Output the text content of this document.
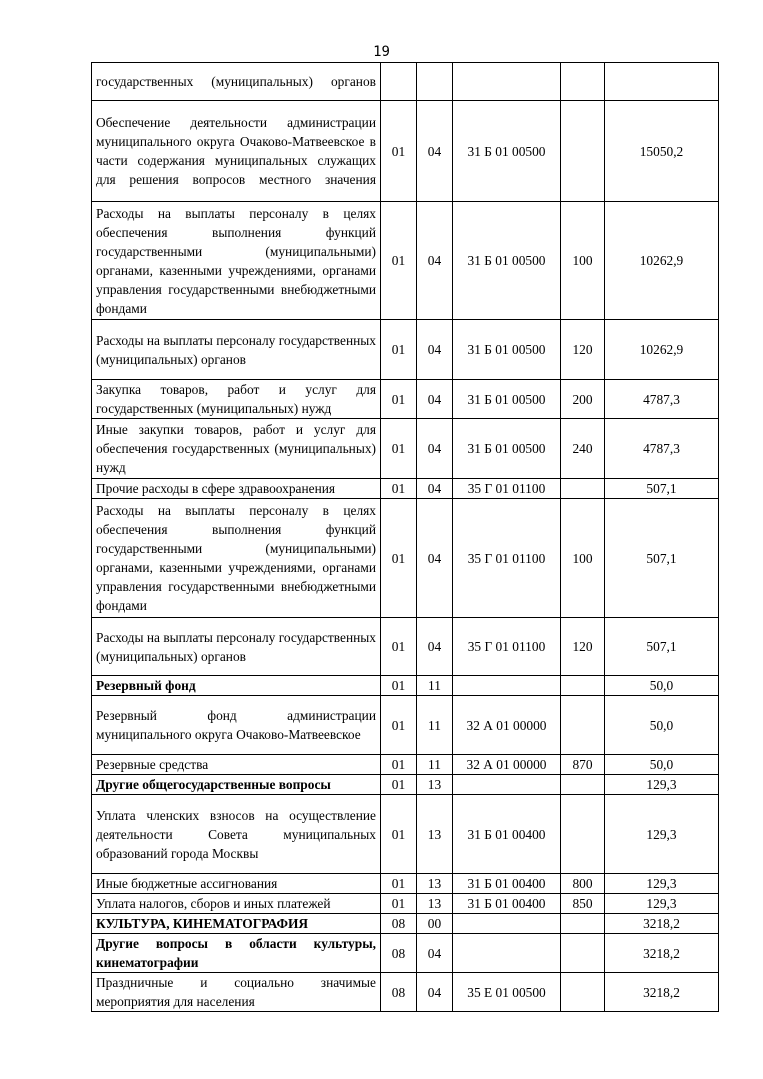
19
государственных (муниципальных) органов					
Обеспечение деятельности администрации муниципального округа Очаково-Матвеевское в части содержания муниципальных служащих для решения вопросов местного значения	01	04	31 Б 01 00500		15050,2
Расходы на выплаты персоналу в целях обеспечения выполнения функций государственными (муниципальными) органами, казенными учреждениями, органами управления государственными внебюджетными фондами	01	04	31 Б 01 00500	100	10262,9
Расходы на выплаты персоналу государственных (муниципальных) органов	01	04	31 Б 01 00500	120	10262,9
Закупка товаров, работ и услуг для государственных (муниципальных) нужд	01	04	31 Б 01 00500	200	4787,3
Иные закупки товаров, работ и услуг для обеспечения государственных (муниципальных) нужд	01	04	31 Б 01 00500	240	4787,3
Прочие расходы в сфере здравоохранения	01	04	35 Г 01 01100		507,1
Расходы на выплаты персоналу в целях обеспечения выполнения функций государственными (муниципальными) органами, казенными учреждениями, органами управления государственными внебюджетными фондами	01	04	35 Г 01 01100	100	507,1
Расходы на выплаты персоналу государственных (муниципальных) органов	01	04	35 Г 01 01100	120	507,1
Резервный фонд	01	11			50,0
Резервный фонд администрации муниципального округа Очаково-Матвеевское	01	11	32 А 01 00000		50,0
Резервные средства	01	11	32 А 01 00000	870	50,0
Другие общегосударственные вопросы	01	13			129,3
Уплата членских взносов на осуществление деятельности Совета муниципальных образований города Москвы	01	13	31 Б 01 00400		129,3
Иные бюджетные ассигнования	01	13	31 Б 01 00400	800	129,3
Уплата налогов, сборов и иных платежей	01	13	31 Б 01 00400	850	129,3
КУЛЬТУРА, КИНЕМАТОГРАФИЯ	08	00			3218,2
Другие вопросы в области культуры, кинематографии	08	04			3218,2
Праздничные и социально значимые мероприятия для населения	08	04	35 Е 01 00500		3218,2
